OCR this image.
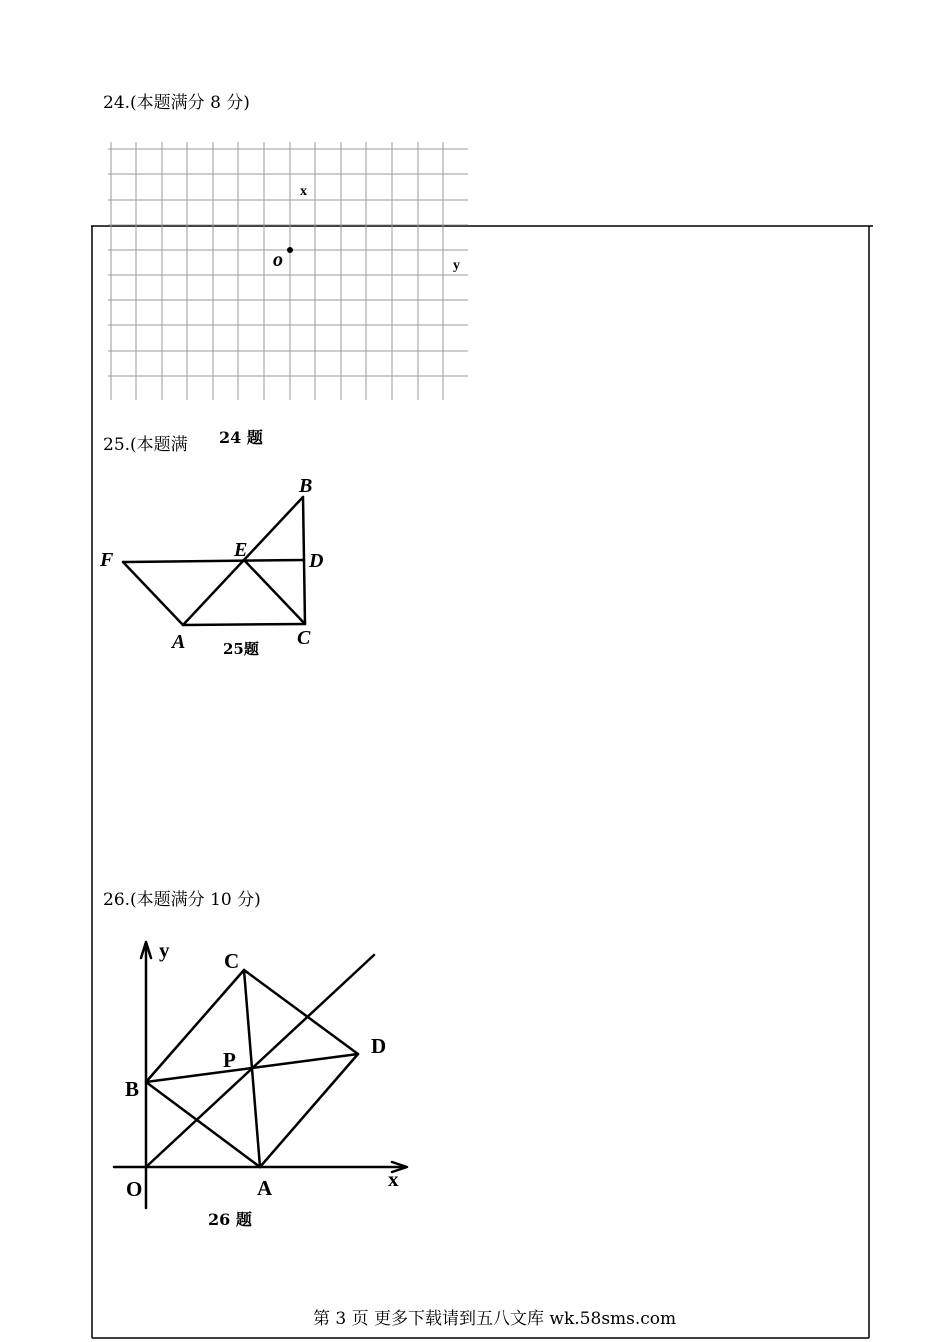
24.(本题满分 8 分)
x
y
o
25.(本题满	24 题
B
E	D
F
A	C
25题
26.(本题满分 10 分)
y
x
C
D
P
B
O	A
26 题
第 3 页 更多下载请到五八文库 wk.58sms.com
